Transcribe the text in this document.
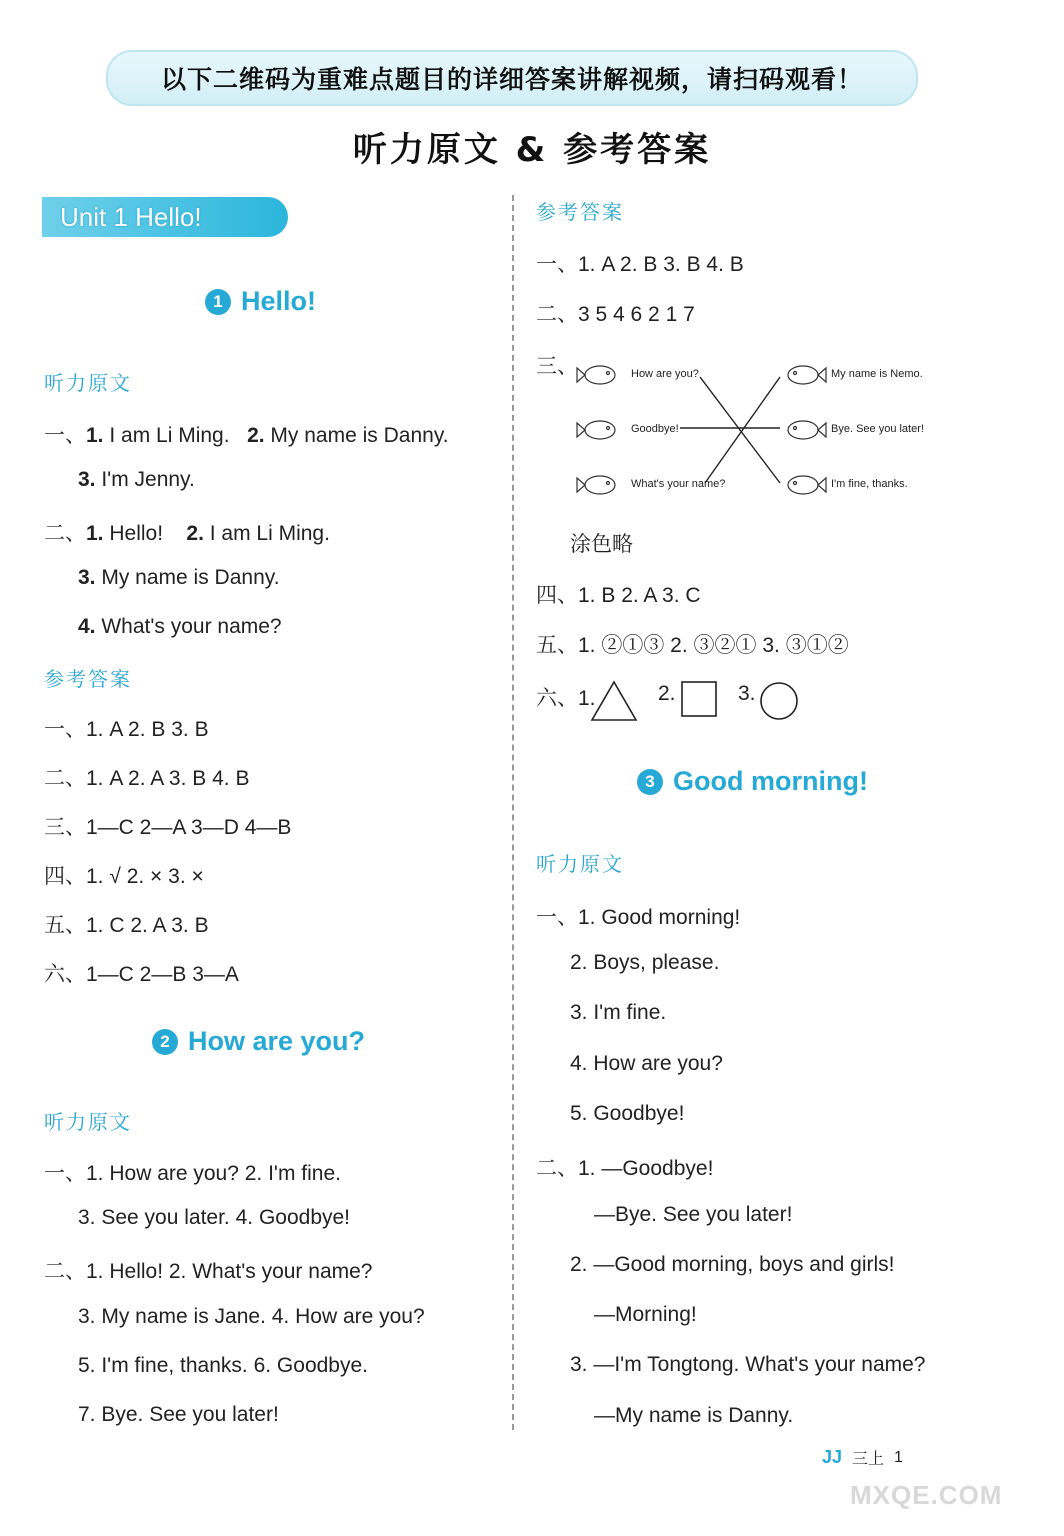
以下二维码为重难点题目的详细答案讲解视频，请扫码观看！
听力原文 & 参考答案
Unit 1 Hello!
1 Hello!
听力原文
一、1. I am Li Ming. 2. My name is Danny.
3. I'm Jenny.
二、1. Hello! 2. I am Li Ming.
3. My name is Danny.
4. What's your name?
参考答案
一、1. A 2. B 3. B
二、1. A 2. A 3. B 4. B
三、1—C 2—A 3—D 4—B
四、1. √ 2. × 3. ×
五、1. C 2. A 3. B
六、1—C 2—B 3—A
2 How are you?
听力原文
一、1. How are you? 2. I'm fine.
3. See you later. 4. Goodbye!
二、1. Hello! 2. What's your name?
3. My name is Jane. 4. How are you?
5. I'm fine, thanks. 6. Goodbye.
7. Bye. See you later!
参考答案
一、1. A 2. B 3. B 4. B
二、3 5 4 6 2 1 7
三、	How are you?
Goodbye!
What's your name?
My name is Nemo.
Bye. See you later!
I'm fine, thanks.
涂色略
四、1. B 2. A 3. C
五、1. ②①③ 2. ③②① 3. ③①②
六、1.	2.	3.
3 Good morning!
听力原文
一、1. Good morning!
2. Boys, please.
3. I'm fine.
4. How are you?
5. Goodbye!
二、1. —Goodbye!
—Bye. See you later!
2. —Good morning, boys and girls!
—Morning!
3. —I'm Tongtong. What's your name?
—My name is Danny.
JJ 三上 1
MXQE.COM
